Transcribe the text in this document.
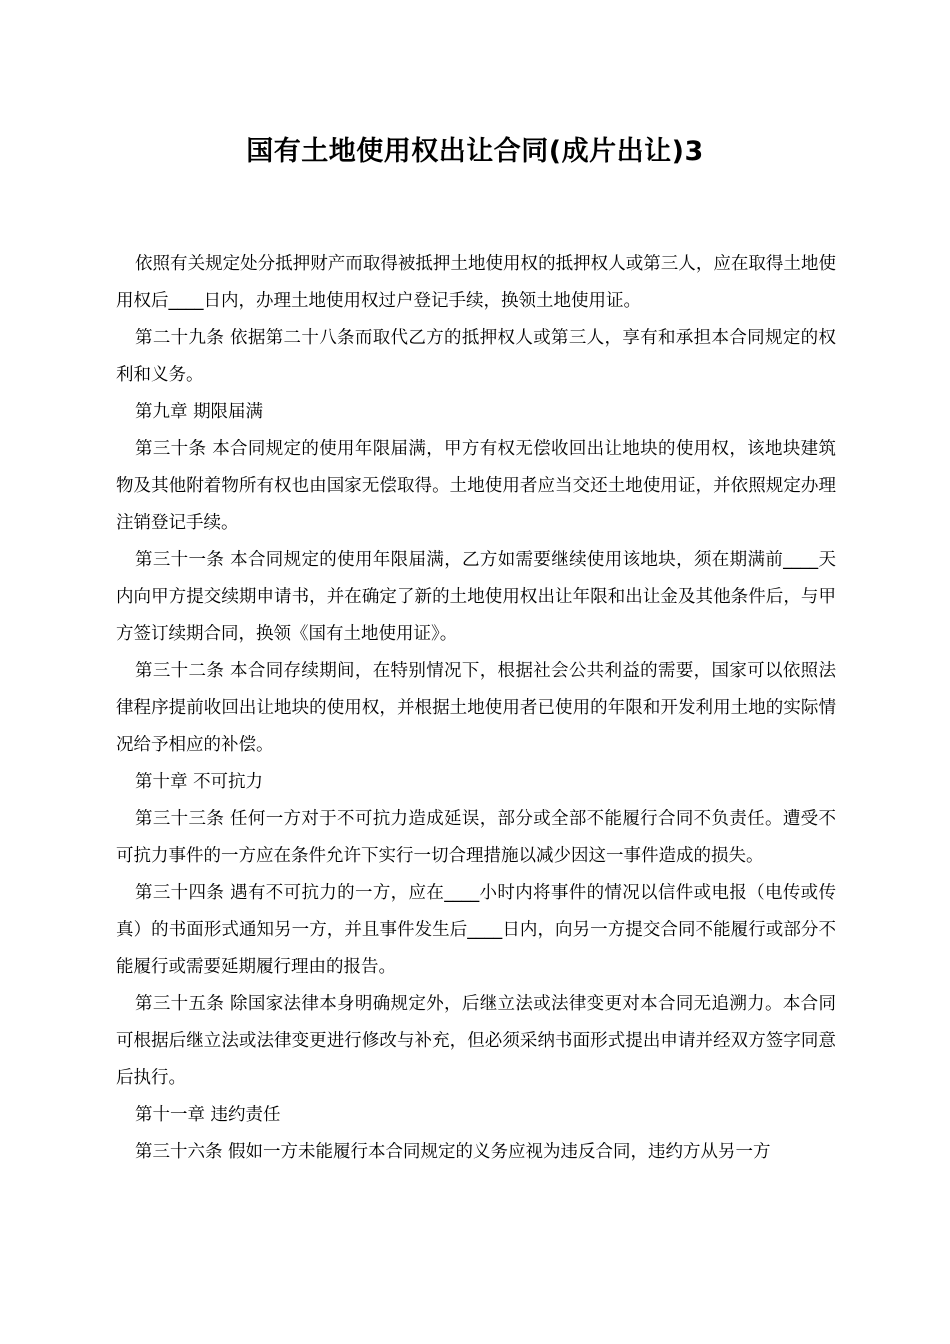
国有土地使用权出让合同(成片出让)3

依照有关规定处分抵押财产而取得被抵押土地使用权的抵押权人或第三人，应在取得土地使用权后____日内，办理土地使用权过户登记手续，换领土地使用证。

第二十九条 依据第二十八条而取代乙方的抵押权人或第三人，享有和承担本合同规定的权利和义务。

第九章 期限届满

第三十条 本合同规定的使用年限届满，甲方有权无偿收回出让地块的使用权，该地块建筑物及其他附着物所有权也由国家无偿取得。土地使用者应当交还土地使用证，并依照规定办理注销登记手续。

第三十一条 本合同规定的使用年限届满，乙方如需要继续使用该地块，须在期满前____天内向甲方提交续期申请书，并在确定了新的土地使用权出让年限和出让金及其他条件后，与甲方签订续期合同，换领《国有土地使用证》。

第三十二条 本合同存续期间，在特别情况下，根据社会公共利益的需要，国家可以依照法律程序提前收回出让地块的使用权，并根据土地使用者已使用的年限和开发利用土地的实际情况给予相应的补偿。

第十章 不可抗力

第三十三条 任何一方对于不可抗力造成延误，部分或全部不能履行合同不负责任。遭受不可抗力事件的一方应在条件允许下实行一切合理措施以减少因这一事件造成的损失。

第三十四条 遇有不可抗力的一方，应在____小时内将事件的情况以信件或电报（电传或传真）的书面形式通知另一方，并且事件发生后____日内，向另一方提交合同不能履行或部分不能履行或需要延期履行理由的报告。

第三十五条 除国家法律本身明确规定外，后继立法或法律变更对本合同无追溯力。本合同可根据后继立法或法律变更进行修改与补充，但必须采纳书面形式提出申请并经双方签字同意后执行。

第十一章 违约责任

第三十六条 假如一方未能履行本合同规定的义务应视为违反合同，违约方从另一方
